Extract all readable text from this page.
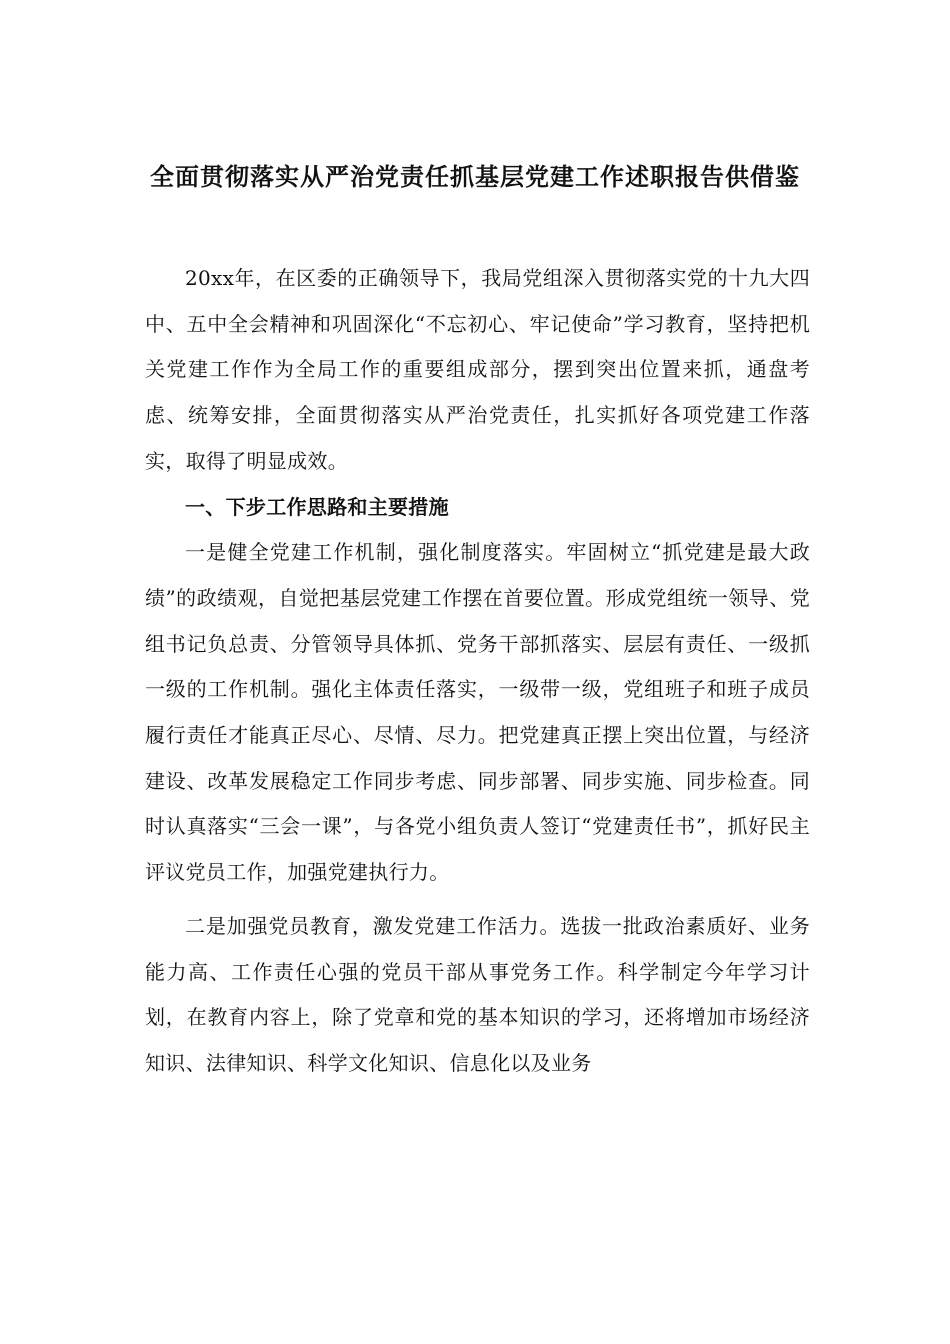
全面贯彻落实从严治党责任抓基层党建工作述职报告供借鉴

20xx年，在区委的正确领导下，我局党组深入贯彻落实党的十九大四中、五中全会精神和巩固深化“不忘初心、牢记使命”学习教育，坚持把机关党建工作作为全局工作的重要组成部分，摆到突出位置来抓，通盘考虑、统筹安排，全面贯彻落实从严治党责任，扎实抓好各项党建工作落实，取得了明显成效。

一、下步工作思路和主要措施

一是健全党建工作机制，强化制度落实。牢固树立“抓党建是最大政绩”的政绩观，自觉把基层党建工作摆在首要位置。形成党组统一领导、党组书记负总责、分管领导具体抓、党务干部抓落实、层层有责任、一级抓一级的工作机制。强化主体责任落实，一级带一级，党组班子和班子成员履行责任才能真正尽心、尽情、尽力。把党建真正摆上突出位置，与经济建设、改革发展稳定工作同步考虑、同步部署、同步实施、同步检查。同时认真落实“三会一课”，与各党小组负责人签订“党建责任书”，抓好民主评议党员工作，加强党建执行力。

二是加强党员教育，激发党建工作活力。选拔一批政治素质好、业务能力高、工作责任心强的党员干部从事党务工作。科学制定今年学习计划，在教育内容上，除了党章和党的基本知识的学习，还将增加市场经济知识、法律知识、科学文化知识、信息化以及业务
